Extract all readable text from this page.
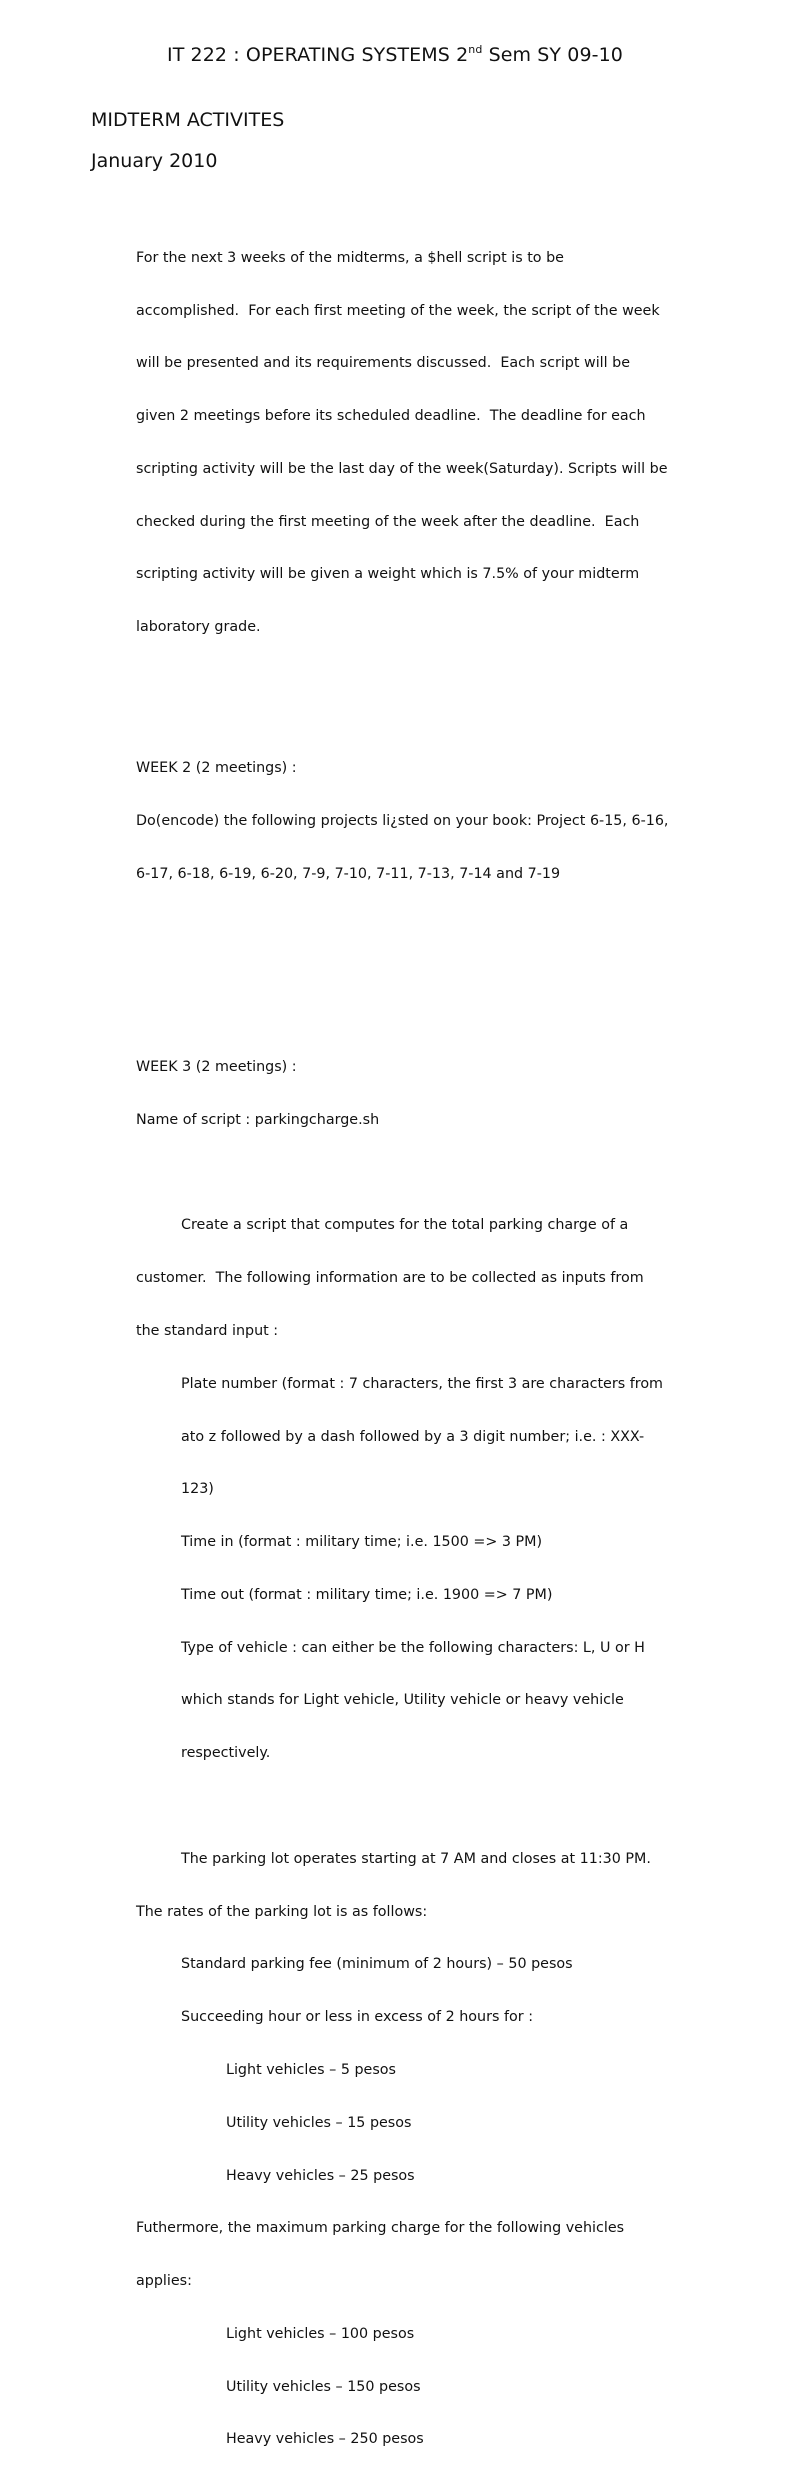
IT 222 : OPERATING SYSTEMS 2nd Sem SY 09-10
MIDTERM ACTIVITES
January 2010

For the next 3 weeks of the midterms, a $hell script is to be

accomplished.  For each first meeting of the week, the script of the week

will be presented and its requirements discussed.  Each script will be

given 2 meetings before its scheduled deadline.  The deadline for each

scripting activity will be the last day of the week(Saturday). Scripts will be

checked during the first meeting of the week after the deadline.  Each

scripting activity will be given a weight which is 7.5% of your midterm

laboratory grade.

WEEK 2 (2 meetings) :

Do(encode) the following projects li¿sted on your book: Project 6-15, 6-16,

6-17, 6-18, 6-19, 6-20, 7-9, 7-10, 7-11, 7-13, 7-14 and 7-19

WEEK 3 (2 meetings) :

Name of script : parkingcharge.sh

Create a script that computes for the total parking charge of a

customer.  The following information are to be collected as inputs from

the standard input :

Plate number (format : 7 characters, the first 3 are characters from

ato z followed by a dash followed by a 3 digit number; i.e. : XXX-

123)

Time in (format : military time; i.e. 1500 => 3 PM)

Time out (format : military time; i.e. 1900 => 7 PM)

Type of vehicle : can either be the following characters: L, U or H

which stands for Light vehicle, Utility vehicle or heavy vehicle

respectively.

The parking lot operates starting at 7 AM and closes at 11:30 PM.

The rates of the parking lot is as follows:

Standard parking fee (minimum of 2 hours) – 50 pesos

Succeeding hour or less in excess of 2 hours for :

Light vehicles – 5 pesos

Utility vehicles – 15 pesos

Heavy vehicles – 25 pesos

Futhermore, the maximum parking charge for the following vehicles

applies:

Light vehicles – 100 pesos

Utility vehicles – 150 pesos

Heavy vehicles – 250 pesos
